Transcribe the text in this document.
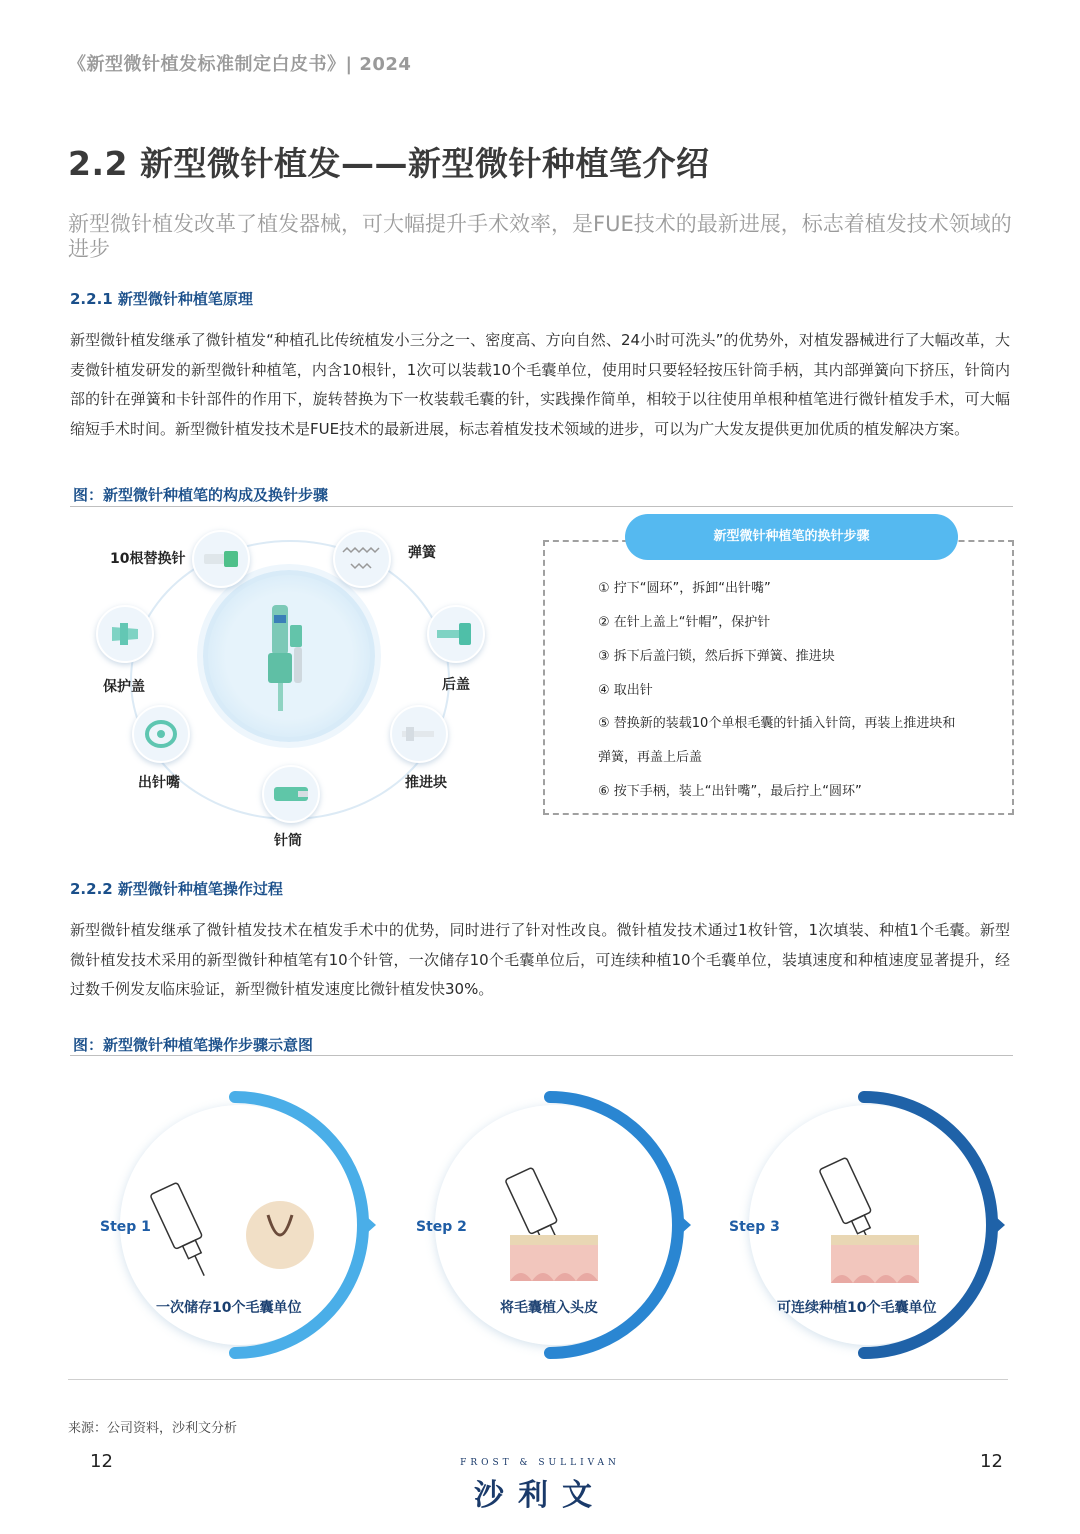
《新型微针植发标准制定白皮书》| 2024
2.2 新型微针植发——新型微针种植笔介绍
新型微针植发改革了植发器械，可大幅提升手术效率，是FUE技术的最新进展，标志着植发技术领域的进步
2.2.1 新型微针种植笔原理
新型微针植发继承了微针植发“种植孔比传统植发小三分之一、密度高、方向自然、24小时可洗头”的优势外，对植发器械进行了大幅改革，大麦微针植发研发的新型微针种植笔，内含10根针，1次可以装载10个毛囊单位，使用时只要轻轻按压针筒手柄，其内部弹簧向下挤压，针筒内部的针在弹簧和卡针部件的作用下，旋转替换为下一枚装载毛囊的针，实践操作简单，相较于以往使用单根种植笔进行微针植发手术，可大幅缩短手术时间。新型微针植发技术是FUE技术的最新进展，标志着植发技术领域的进步，可以为广大发友提供更加优质的植发解决方案。
图：新型微针种植笔的构成及换针步骤
10根替换针	弹簧
保护盖	后盖
出针嘴	推进块
针筒
新型微针种植笔的换针步骤
① 拧下“圆环”，拆卸“出针嘴”
② 在针上盖上“针帽”，保护针
③ 拆下后盖闩锁，然后拆下弹簧、推进块
④ 取出针
⑤ 替换新的装载10个单根毛囊的针插入针筒，再装上推进块和
弹簧，再盖上后盖
⑥ 按下手柄，装上“出针嘴”，最后拧上“圆环”
2.2.2 新型微针种植笔操作过程
新型微针植发继承了微针植发技术在植发手术中的优势，同时进行了针对性改良。微针植发技术通过1枚针管，1次填装、种植1个毛囊。新型微针植发技术采用的新型微针种植笔有10个针管，一次储存10个毛囊单位后，可连续种植10个毛囊单位，装填速度和种植速度显著提升，经过数千例发友临床验证，新型微针植发速度比微针植发快30%。
图：新型微针种植笔操作步骤示意图
Step 1
一次储存10个毛囊单位
Step 2
将毛囊植入头皮
Step 3
可连续种植10个毛囊单位
来源：公司资料，沙利文分析
12	12
FROST & SULLIVAN
沙利文
